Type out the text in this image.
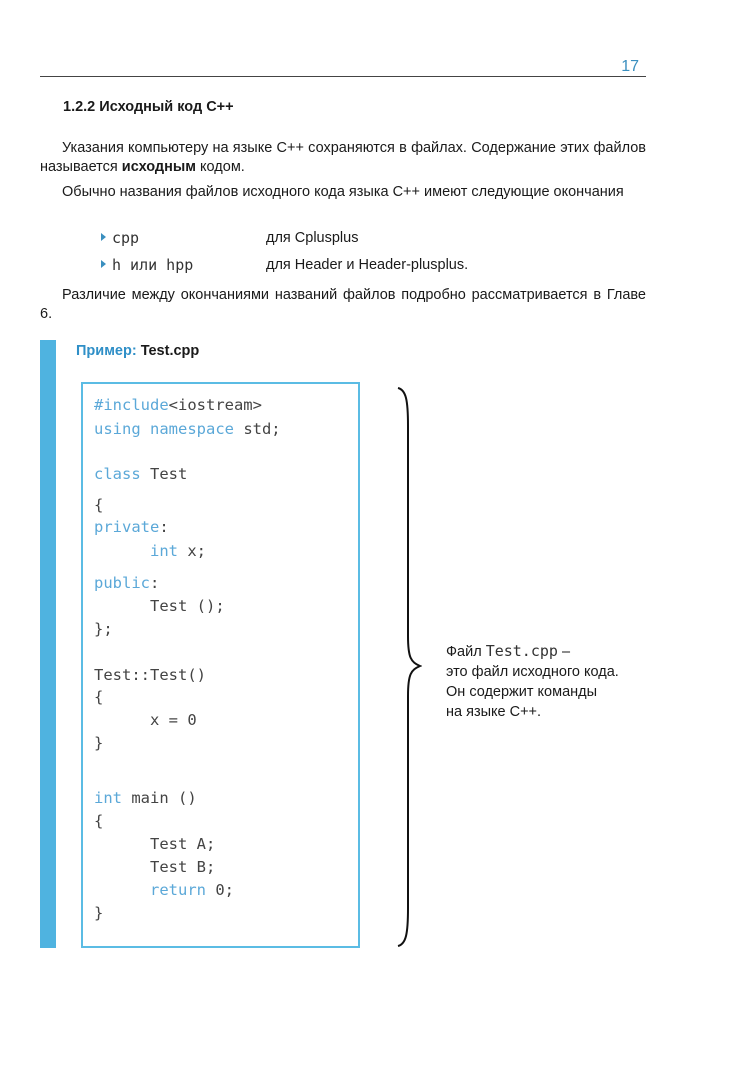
17
1.2.2 Исходный код С++
Указания компьютеру на языке С++ сохраняются в файлах. Содержание этих файлов называется исходным кодом.
Обычно названия файлов исходного кода языка С++ имеют следующие окончания
cpp	для Cplusplus
h или hpp	для Header и Header-plusplus.
Различие между окончаниями названий файлов подробно рассматривается в Главе 6.
Пример: Test.cpp
#include<iostream>
using namespace std;
class Test
{
private:
int x;
public:
Test ();
};
Test::Test()
{
x = 0
}
int main ()
{
Test A;
Test B;
return 0;
}
Файл Test.cpp –
это файл исходного кода.
Он содержит команды
на языке С++.
